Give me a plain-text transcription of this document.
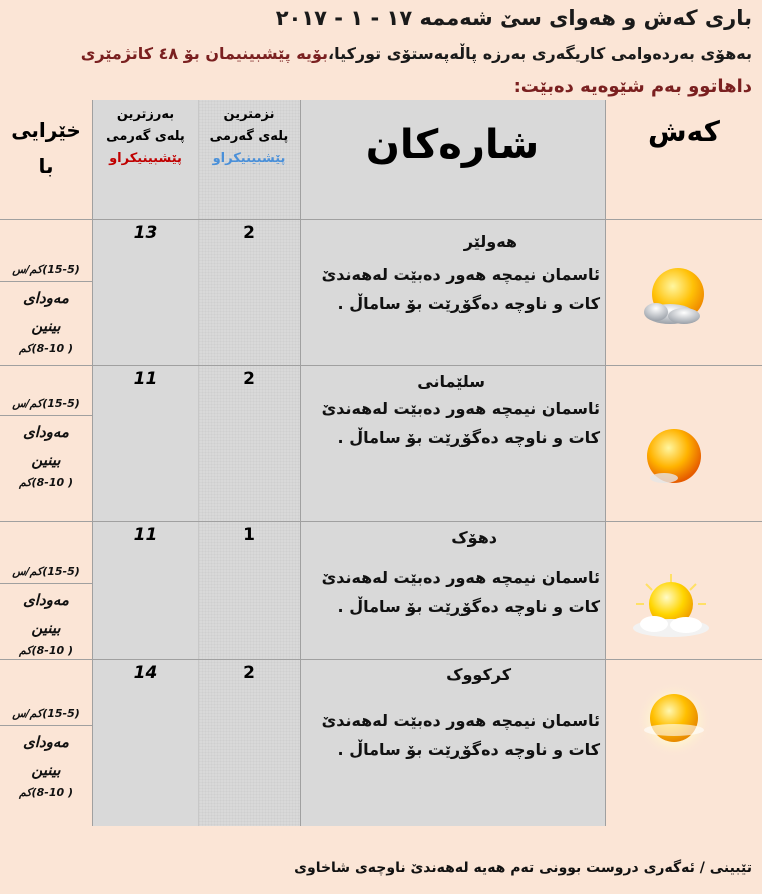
باری کەش و هەوای سێ شەممە ١٧ - ١ - ٢٠١٧
بەهۆی بەردەوامی کاریگەری بەرزە پاڵەپەستۆی تورکیا،بۆیە پێشبینیمان بۆ ٤٨ کاتژمێری
داهاتوو بەم شێوەیە دەبێت:
کەش
شارەکان
نزمترین
پلەی گەرمی
پێشبینیکراو
بەرزترین
پلەی گەرمی
پێشبینیکراو
خێرایی
با
هەولێر
ئاسمان نیمچە هەور دەبێت لەهەندێ
کات و ناوچە دەگۆڕێت بۆ ساماڵ .
2
13
(15-5)کم/س
مەودای
بینین
( 8-10)کم
سلێمانی
ئاسمان نیمچە هەور دەبێت لەهەندێ
کات و ناوچە دەگۆڕێت بۆ ساماڵ .
2
11
(15-5)کم/س
مەودای
بینین
( 8-10)کم
دهۆک
ئاسمان نیمچە هەور دەبێت لەهەندێ
کات و ناوچە دەگۆڕێت بۆ ساماڵ .
1
11
(15-5)کم/س
مەودای
بینین
( 8-10)کم
کرکووک
ئاسمان نیمچە هەور دەبێت لەهەندێ
کات و ناوچە دەگۆڕێت بۆ ساماڵ .
2
14
(15-5)کم/س
مەودای
بینین
( 8-10)کم
تێبینی / ئەگەری دروست بوونی تەم هەیە لەهەندێ ناوچەی شاخاوی
